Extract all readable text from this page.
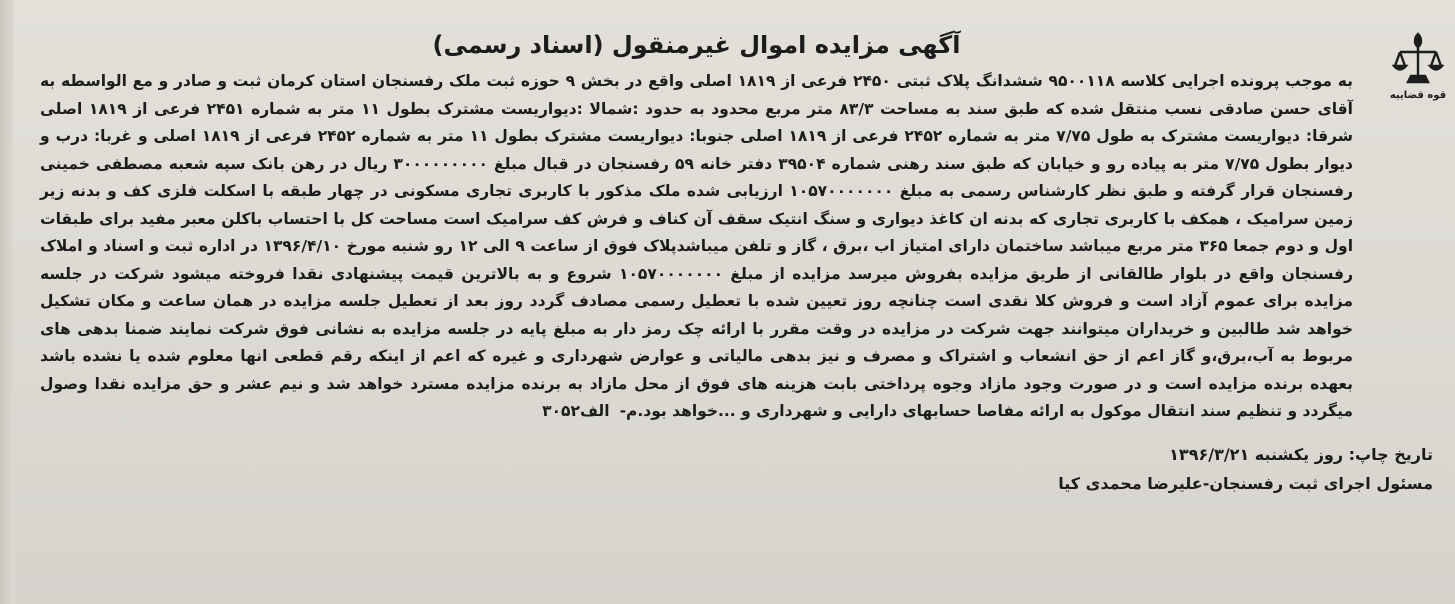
قوه قضاییه
آگهی مزایده اموال غیرمنقول (اسناد رسمی)

به موجب پرونده اجرایی کلاسه ۹۵۰۰۱۱۸ ششدانگ پلاک ثبتی ۲۴۵۰ فرعی از ۱۸۱۹ اصلی واقع در بخش ۹ حوزه ثبت ملک رفسنجان استان کرمان ثبت و صادر و مع الواسطه به آقای حسن صادقی نسب منتقل شده که طبق سند به مساحت ۸۳/۳ متر مربع محدود به حدود :شمالا :دیواریست مشترک بطول ۱۱ متر به شماره ۲۴۵۱ فرعی از ۱۸۱۹ اصلی شرقا: دیواریست مشترک به طول ۷/۷۵ متر به شماره ۲۴۵۲ فرعی از ۱۸۱۹ اصلی جنوبا: دیواریست مشترک بطول ۱۱ متر به شماره ۲۴۵۲ فرعی از ۱۸۱۹ اصلی و غربا: درب و دیوار بطول ۷/۷۵ متر به پیاده رو و خیابان که طبق سند رهنی شماره ۳۹۵۰۴ دفتر خانه ۵۹ رفسنجان در قبال مبلغ ۳۰۰۰۰۰۰۰۰۰ ریال در رهن بانک سپه شعبه مصطفی خمینی رفسنجان قرار گرفته و طبق نظر کارشناس رسمی به مبلغ ۱۰۵۷۰۰۰۰۰۰۰ ارزیابی شده ملک مذکور با کاربری تجاری مسکونی در چهار طبقه با اسکلت فلزی کف و بدنه زیر زمین سرامیک ، همکف با کاربری تجاری که بدنه ان کاغذ دیواری و سنگ انتیک سقف آن کناف و فرش کف سرامیک است مساحت کل با احتساب باکلن معبر مفید برای طبقات اول و دوم جمعا ۳۶۵ متر مربع میباشد ساختمان دارای امتیاز اب ،برق ، گاز و تلفن میباشدپلاک فوق از ساعت ۹ الی ۱۲ رو شنبه مورخ ۱۳۹۶/۴/۱۰ در اداره ثبت و اسناد و املاک رفسنجان واقع در بلوار طالقانی از طریق مزایده بفروش میرسد مزایده از مبلغ ۱۰۵۷۰۰۰۰۰۰۰ شروع و به بالاترین قیمت پیشنهادی نقدا فروخته میشود شرکت در جلسه مزایده برای عموم آزاد است و فروش کلا نقدی است چنانچه روز تعیین شده با تعطیل رسمی مصادف گردد روز بعد از تعطیل جلسه مزایده در همان ساعت و مکان تشکیل خواهد شد طالبین و خریداران میتوانند جهت شرکت در مزایده در وقت مقرر با ارائه چک رمز دار به مبلغ پایه در جلسه مزایده به نشانی فوق شرکت نمایند ضمنا بدهی های مربوط به آب،برق،و گاز اعم از حق انشعاب و اشتراک و مصرف و نیز بدهی مالیاتی و عوارض شهرداری و غیره که اعم از اینکه رقم قطعی انها معلوم شده یا نشده باشد بعهده برنده مزایده است و در صورت وجود مازاد وجوه پرداختی بابت هزینه های فوق از محل مازاد به برنده مزایده مسترد خواهد شد و نیم عشر و حق مزایده نقدا وصول میگردد و تنظیم سند انتقال موکول به ارائه مفاصا حسابهای دارایی و شهرداری و ...خواهد بود.م-الف۳۰۵۲

تاریخ چاپ: روز یکشنبه ۱۳۹۶/۳/۲۱

مسئول اجرای ثبت رفسنجان-علیرضا محمدی کیا
